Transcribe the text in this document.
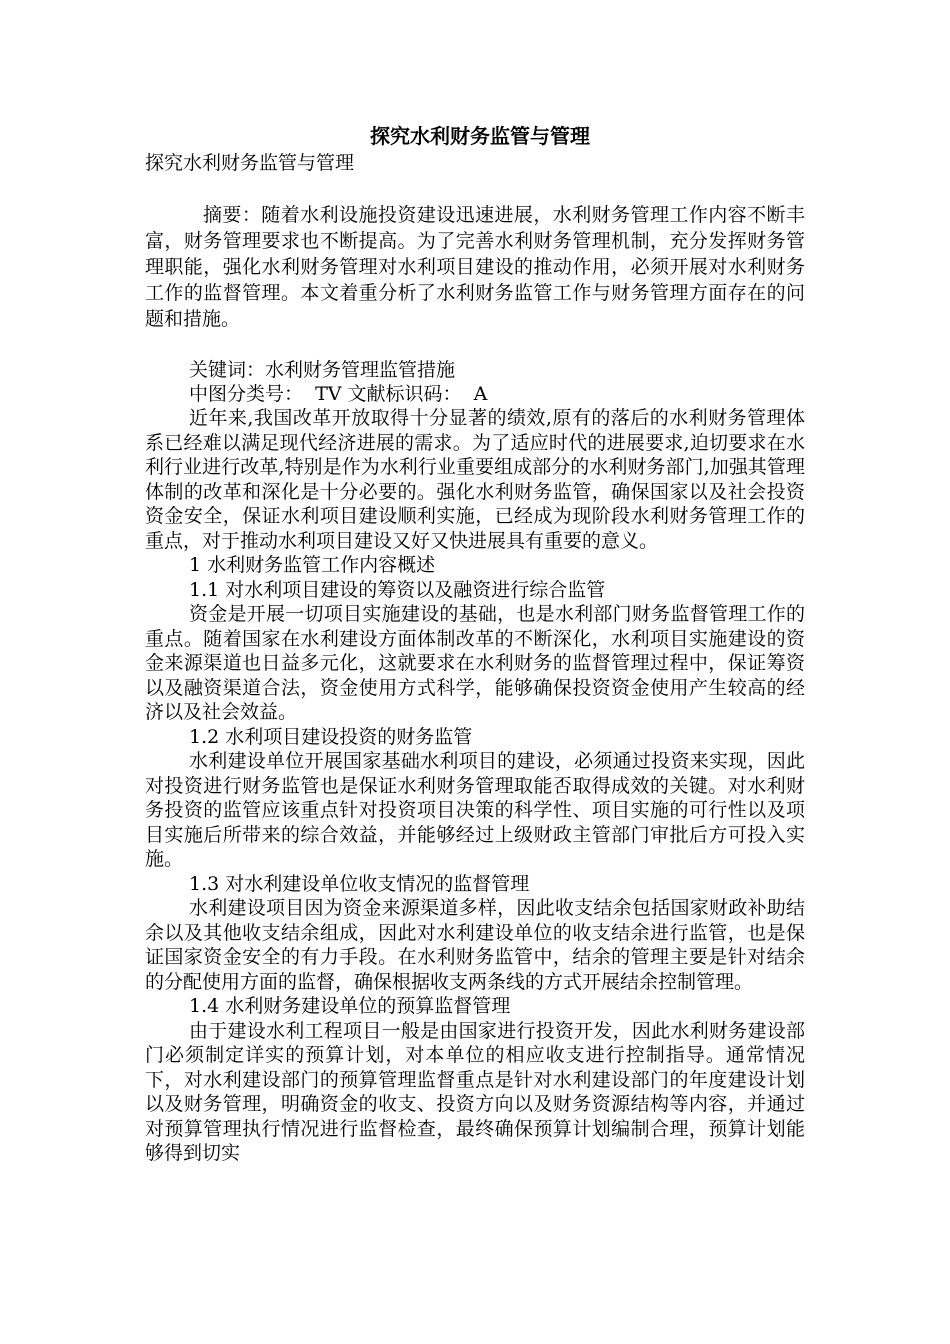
探究水利财务监管与管理

探究水利财务监管与管理

摘要：随着水利设施投资建设迅速进展，水利财务管理工作内容不断丰富，财务管理要求也不断提高。为了完善水利财务管理机制，充分发挥财务管理职能，强化水利财务管理对水利项目建设的推动作用，必须开展对水利财务工作的监督管理。本文着重分析了水利财务监管工作与财务管理方面存在的问题和措施。

关键词：水利财务管理监管措施

中图分类号：  TV 文献标识码：  A

近年来,我国改革开放取得十分显著的绩效,原有的落后的水利财务管理体系已经难以满足现代经济进展的需求。为了适应时代的进展要求,迫切要求在水利行业进行改革,特别是作为水利行业重要组成部分的水利财务部门,加强其管理体制的改革和深化是十分必要的。强化水利财务监管，确保国家以及社会投资资金安全，保证水利项目建设顺利实施，已经成为现阶段水利财务管理工作的重点，对于推动水利项目建设又好又快进展具有重要的意义。

1 水利财务监管工作内容概述

1.1 对水利项目建设的筹资以及融资进行综合监管

资金是开展一切项目实施建设的基础，也是水利部门财务监督管理工作的重点。随着国家在水利建设方面体制改革的不断深化，水利项目实施建设的资金来源渠道也日益多元化，这就要求在水利财务的监督管理过程中，保证筹资以及融资渠道合法，资金使用方式科学，能够确保投资资金使用产生较高的经济以及社会效益。

1.2 水利项目建设投资的财务监管

水利建设单位开展国家基础水利项目的建设，必须通过投资来实现，因此对投资进行财务监管也是保证水利财务管理取能否取得成效的关键。对水利财务投资的监管应该重点针对投资项目决策的科学性、项目实施的可行性以及项目实施后所带来的综合效益，并能够经过上级财政主管部门审批后方可投入实施。

1.3 对水利建设单位收支情况的监督管理

水利建设项目因为资金来源渠道多样，因此收支结余包括国家财政补助结余以及其他收支结余组成，因此对水利建设单位的收支结余进行监管，也是保证国家资金安全的有力手段。在水利财务监管中，结余的管理主要是针对结余的分配使用方面的监督，确保根据收支两条线的方式开展结余控制管理。

1.4 水利财务建设单位的预算监督管理

由于建设水利工程项目一般是由国家进行投资开发，因此水利财务建设部门必须制定详实的预算计划，对本单位的相应收支进行控制指导。通常情况下，对水利建设部门的预算管理监督重点是针对水利建设部门的年度建设计划以及财务管理，明确资金的收支、投资方向以及财务资源结构等内容，并通过对预算管理执行情况进行监督检查，最终确保预算计划编制合理，预算计划能够得到切实
